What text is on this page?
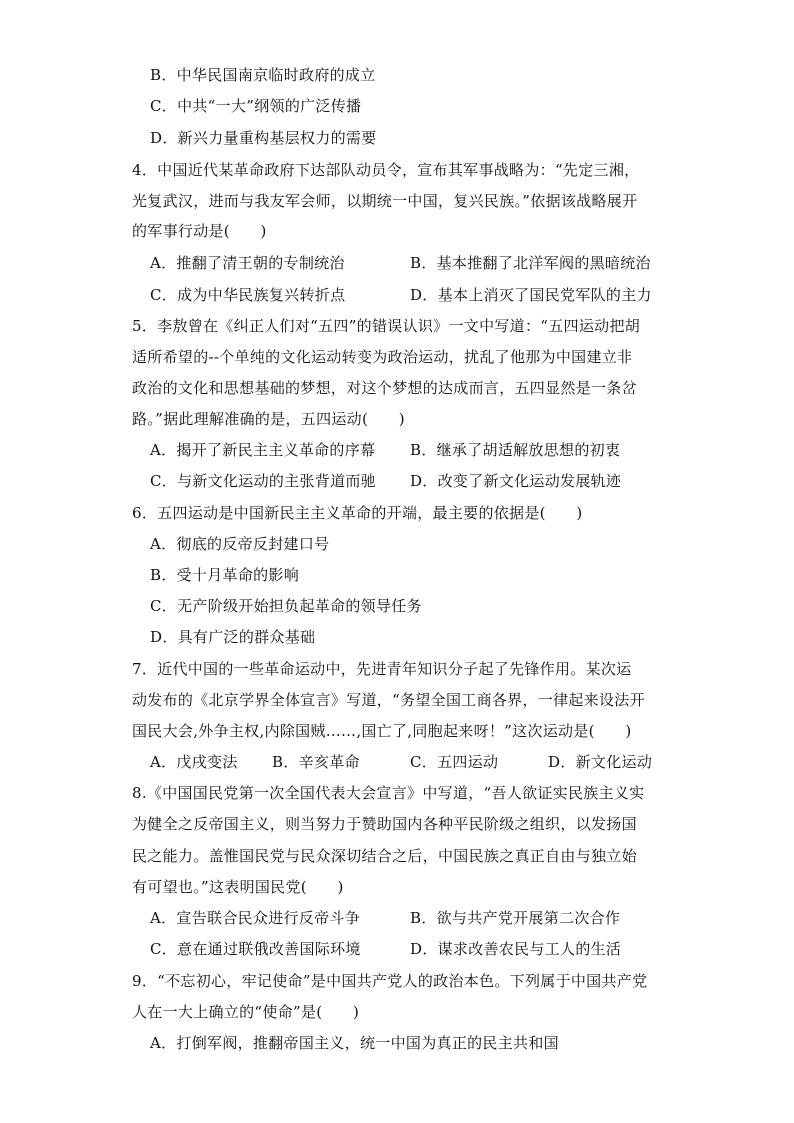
B．中华民国南京临时政府的成立
C．中共“一大”纲领的广泛传播
D．新兴力量重构基层权力的需要
4．中国近代某革命政府下达部队动员令，宣布其军事战略为：“先定三湘，
光复武汉，进而与我友军会师，以期统一中国，复兴民族。”依据该战略展开
的军事行动是(　　)
A．推翻了清王朝的专制统治	B．基本推翻了北洋军阀的黑暗统治
C．成为中华民族复兴转折点	D．基本上消灭了国民党军队的主力
5．李敖曾在《纠正人们对“五四”的错误认识》一文中写道：“五四运动把胡
适所希望的--个单纯的文化运动转变为政治运动，扰乱了他那为中国建立非
政治的文化和思想基础的梦想，对这个梦想的达成而言，五四显然是一条岔
路。”据此理解准确的是，五四运动(　　)
A．揭开了新民主主义革命的序幕 B．继承了胡适解放思想的初衷
C．与新文化运动的主张背道而驰 D．改变了新文化运动发展轨迹
6．五四运动是中国新民主主义革命的开端，最主要的依据是(　　)
A．彻底的反帝反封建口号
B．受十月革命的影响
C．无产阶级开始担负起革命的领导任务
D．具有广泛的群众基础
7．近代中国的一些革命运动中，先进青年知识分子起了先锋作用。某次运
动发布的《北京学界全体宣言》写道，“务望全国工商各界，一律起来设法开
国民大会,外争主权,内除国贼……,国亡了,同胞起来呀！”这次运动是(　　)
A．戊戌变法 B．辛亥革命	C．五四运动	D．新文化运动
8.《中国国民党第一次全国代表大会宣言》中写道，“吾人欲证实民族主义实
为健全之反帝国主义，则当努力于赞助国内各种平民阶级之组织，以发扬国
民之能力。盖惟国民党与民众深切结合之后，中国民族之真正自由与独立始
有可望也。”这表明国民党(　　)
A．宣告联合民众进行反帝斗争	B．欲与共产党开展第二次合作
C．意在通过联俄改善国际环境	D．谋求改善农民与工人的生活
9．“不忘初心，牢记使命”是中国共产党人的政治本色。下列属于中国共产党
人在一大上确立的“使命”是(　　)
A．打倒军阀，推翻帝国主义，统一中国为真正的民主共和国
